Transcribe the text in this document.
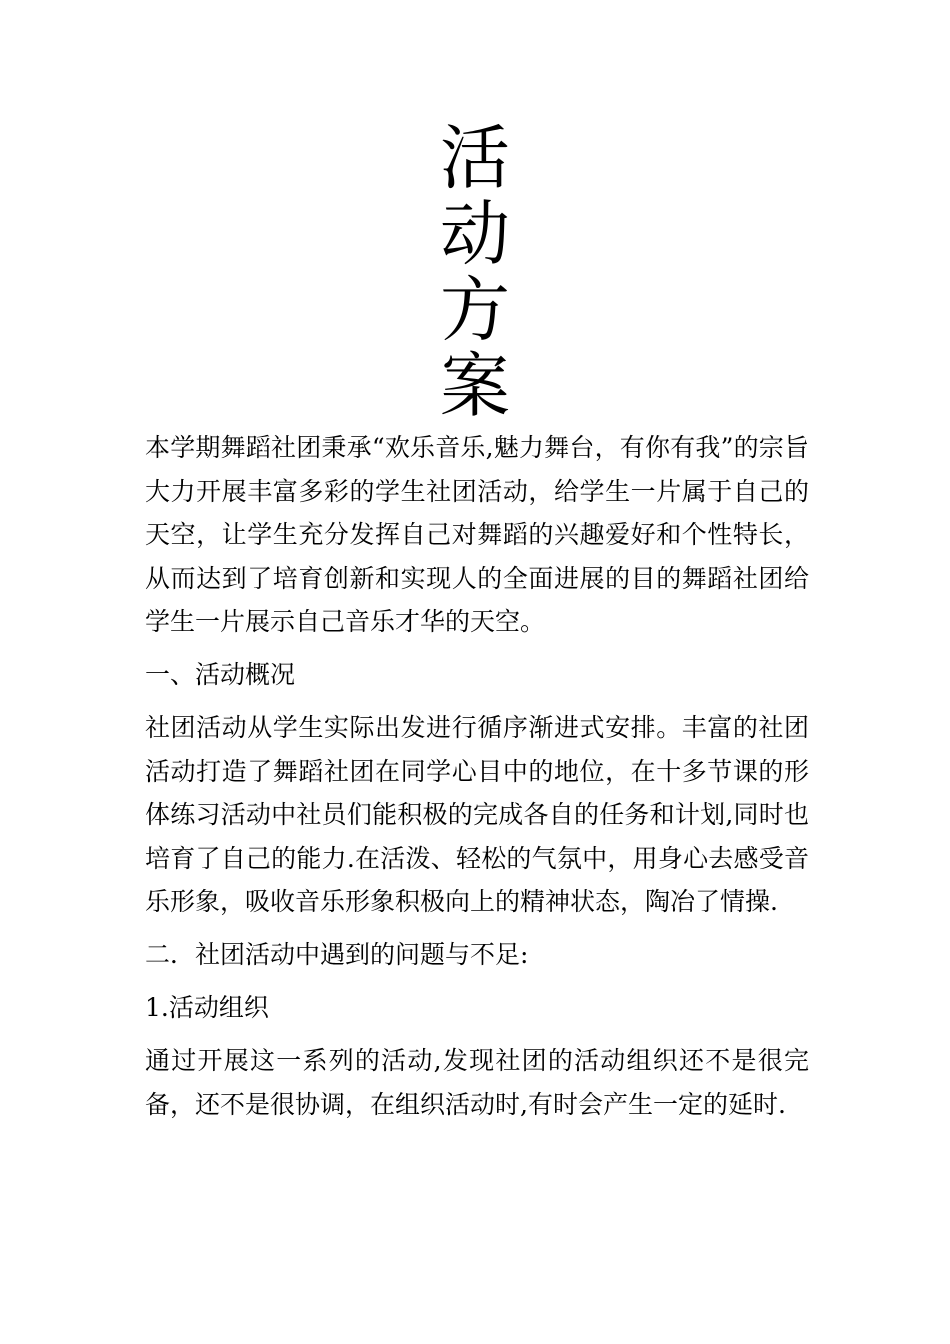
活
动
方
案

本学期舞蹈社团秉承“欢乐音乐,魅力舞台，有你有我”的宗旨大力开展丰富多彩的学生社团活动，给学生一片属于自己的天空，让学生充分发挥自己对舞蹈的兴趣爱好和个性特长，从而达到了培育创新和实现人的全面进展的目的舞蹈社团给学生一片展示自己音乐才华的天空。

一、活动概况

社团活动从学生实际出发进行循序渐进式安排。丰富的社团活动打造了舞蹈社团在同学心目中的地位，在十多节课的形体练习活动中社员们能积极的完成各自的任务和计划,同时也培育了自己的能力.在活泼、轻松的气氛中，用身心去感受音乐形象，吸收音乐形象积极向上的精神状态，陶冶了情操.

二．社团活动中遇到的问题与不足:

1.活动组织

通过开展这一系列的活动,发现社团的活动组织还不是很完备，还不是很协调，在组织活动时,有时会产生一定的延时.
